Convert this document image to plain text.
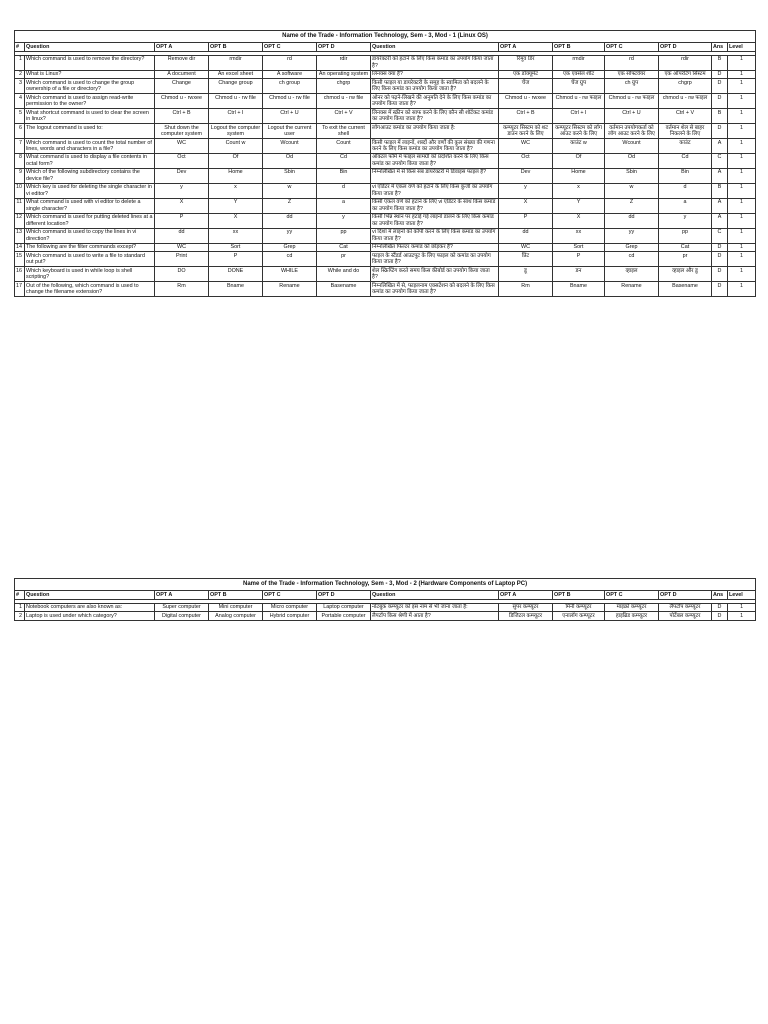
Name of the Trade - Information Technology, Sem - 3, Mod - 1 (Linux OS)												
#	Question	OPT A	OPT B	OPT C	OPT D	Question	OPT A	OPT B	OPT C	OPT D	Ans	Level

1	Which command is used to remove the directory?	Remove dir	rmdir	rd	rdir	डायरेक्टरी को हटाने के लिए किस कमांड का उपयोग किया जाता है?	रिमूव डिर	rmdir	rd	rdir	B	1
2	What is Linux?	A document	An excel sheet	A software	An operating system	लिनक्स क्या है?	एक डॉक्यूमेंट	एक एक्सेल शीट	एक सॉफ्टवेयर	एक ऑपरेटिंग सिस्टम	D	1
3	Which command is used to change the group ownership of a file or directory?	Change	Change group	ch group	chgrp	किसी फाइल या डायरेक्टरी के समूह के स्वामित्व को बदलने के लिए किस कमांड का उपयोग किया जाता है?	चेंज	चेंज ग्रुप	ch ग्रुप	chgrp	D	1
4	Which command is used to assign read-write permission to the owner?	Chmod u - rwxee	Chmod u - rw file	Chmod u - rw file	chmod u - rw file	ओनर को पढ़ने-लिखने की अनुमति देने के लिए किस कमांड का उपयोग किया जाता है?	Chmod u - rwxee	Chmod u - rw फाइल	Chmod u - rw फाइल	chmod u - rw फाइल	D	1
5	What shortcut command is used to clear the screen in linux?	Ctrl + B	Ctrl + I	Ctrl + U	Ctrl + V	लिनक्स में स्क्रीन को साफ करने के लिए कौन सी शॉर्टकट कमांड का उपयोग किया जाता है?	Ctrl + B	Ctrl + I	Ctrl + U	Ctrl + V	B	1
6	The logout command is used to:	Shut down the computer system	Logout the computer system	Logout the current user	To exit the current shell	लॉगआउट कमांड का उपयोग किया जाता है:	कम्प्यूटर सिस्टम को शट डाउन करने के लिए	कम्प्यूटर सिस्टम को लॉग आउट करने के लिए	वर्तमान उपयोगकर्ता को लॉग आउट करने के लिए	वर्तमान शेल से बाहर निकलने के लिए	D	1
7	Which command is used to count the total number of lines, words and characters in a file?	WC	Count w	Wcount	Count	किसी फाइल में लाइनों, शब्दों और वर्णों की कुल संख्या की गणना करने के लिए किस कमांड का उपयोग किया जाता है?	WC	काउंट w	Wcount	काउंट	A	1
8	What command is used to display a file contents in octal form?	Oct	Of	Od	Cd	ऑक्टल फॉर्म में फाइल सामग्री को प्रदर्शित करने के लिए किस कमांड का उपयोग किया जाता है?	Oct	Of	Od	Cd	C	1
9	Which of the following subdirectory contains the device file?	Dev	Home	Sbin	Bin	निम्नलिखित में से किस सब डायरेक्टरी में डिवाइस फाइल है?	Dev	Home	Sbin	Bin	A	1
10	Which key is used for deleting the single character in vi editor?	y	x	w	d	vi एडिटर में एकल वर्ण को हटाने के लिए किस कुंजी का उपयोग किया जाता है?	y	x	w	d	B	1
11	What command is used with vi editor to delete a single character?	X	Y	Z	a	किसी एकल वर्ण को हटाने के लिए vi एडिटर के साथ किस कमांड का उपयोग किया जाता है?	X	Y	Z	a	A	1
12	Which command is used for putting deleted lines at a different location?	P	X	dd	y	किसी भिन्न स्थान पर हटाई गई लाइनों डालने के लिए किस कमांड का उपयोग किया जाता है?	P	X	dd	y	A	1
13	Which command is used to copy the lines in vi direction?	dd	xx	yy	pp	vi दिशा में लाइनों को कॉपी करने के लिए किस कमांड का उपयोग किया जाता है?	dd	xx	yy	pp	C	1
14	The following are the filter commands except?	WC	Sort	Grep	Cat	निम्नलिखित फिल्टर कमांड को छोड़कर हैं?	WC	Sort	Grep	Cat	D	1
15	Which command is used to write a file to standard out put?	Print	P	cd	pr	फाइल के स्टैंडर्ड आउटपुट के लिए फाइल को कमांड का उपयोग किया जाता है?	प्रिंट	P	cd	pr	D	1
16	Which keyboard is used in while loop is shell scripting?	DO	DONE	WHILE	While and do	शेल स्क्रिप्टिंग करते समय किस कीबोर्ड का उपयोग किया जाता है?	डू	डन	व्हाइल	व्हाइल और डू	D	1
17	Out of the following, which command is used to change the filename extension?	Rm	Bname	Rename	Basename	निम्नलिखित में से, फाइलनाम एक्सटेंशन को बदलने के लिए किस कमांड का उपयोग किया जाता है?	Rm	Bname	Rename	Basename	D	1
Name of the Trade - Information Technology, Sem - 3, Mod - 2 (Hardware Components of Laptop PC)												
#	Question	OPT A	OPT B	OPT C	OPT D	Question	OPT A	OPT B	OPT C	OPT D	Ans	Level

1	Notebook computers are also known as:	Super computer	Mini computer	Micro computer	Laptop computer	नोटबुक कम्प्यूटर को इस नाम से भी जाना जाता है:	सुपर कम्प्यूटर	मिनी कम्प्यूटर	माइक्रो कम्प्यूटर	लैपटॉप कम्प्यूटर	D	1
2	Laptop is used under which category?	Digital computer	Analog computer	Hybrid computer	Portable computer	लैपटॉप किस श्रेणी में आता है?	डिजिटल कम्प्यूटर	एनालॉग कम्प्यूटर	हाइब्रिड कम्प्यूटर	पोर्टेबल कम्प्यूटर	D	1
